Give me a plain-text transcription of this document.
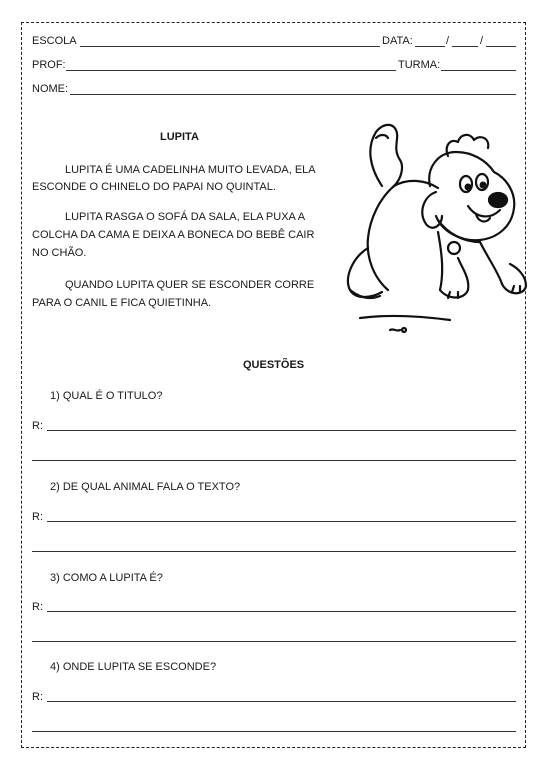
ESCOLA	DATA:	/	/
PROF:	TURMA:
NOME:
LUPITA
LUPITA É UMA CADELINHA MUITO LEVADA, ELA
ESCONDE O CHINELO DO PAPAI NO QUINTAL.
LUPITA RASGA O SOFÁ DA SALA, ELA PUXA A
COLCHA DA CAMA E DEIXA A BONECA DO BEBÊ CAIR
NO CHÃO.
QUANDO LUPITA QUER SE ESCONDER CORRE
PARA O CANIL E FICA QUIETINHA.
QUESTÕES
1) QUAL É O TITULO?
R:
2) DE QUAL ANIMAL FALA O TEXTO?
R:
3) COMO A LUPITA É?
R:
4) ONDE LUPITA SE ESCONDE?
R:
